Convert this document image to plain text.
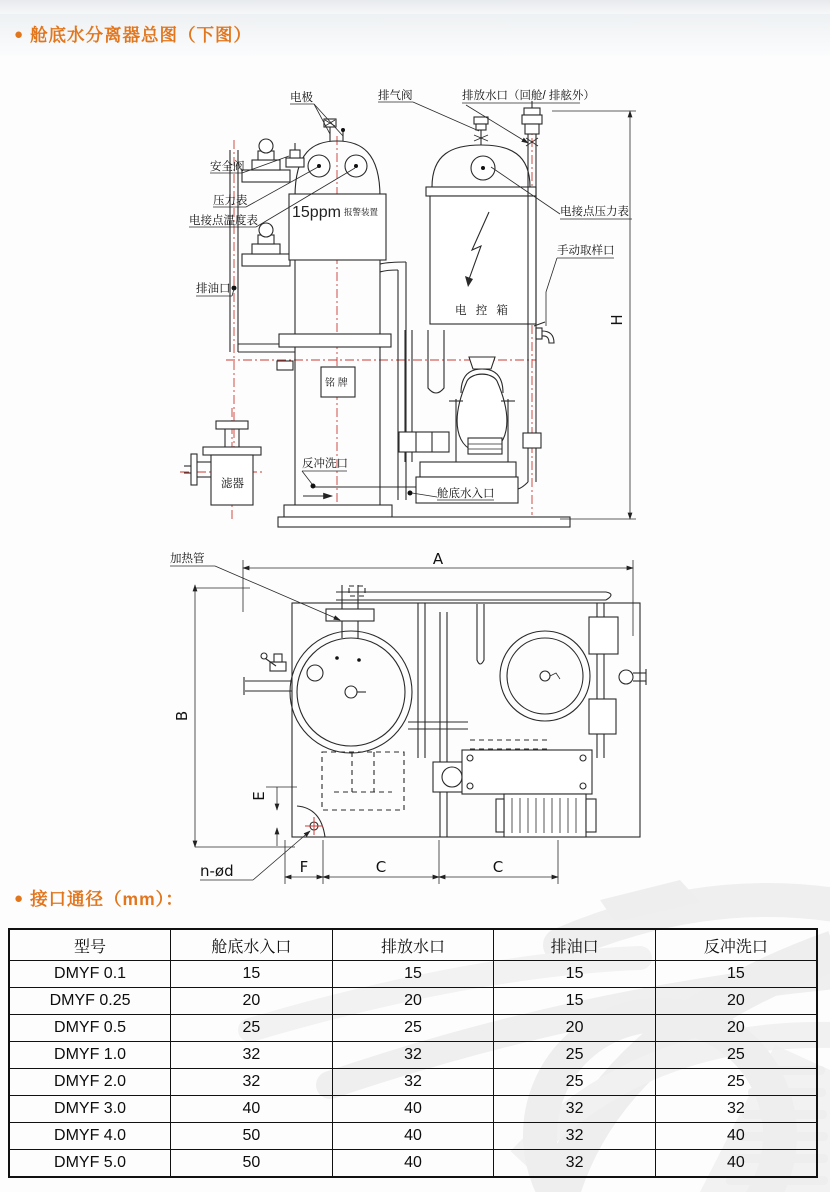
● 舱底水分离器总图（下图）
● 接口通径（mm）：
H
电极	排气阀	排放水口（回舱/ 排舷外）
安全阀
压力表
电接点温度表 15ppm 报警装置	电接点压力表
手动取样口
排油口
电 控 箱
铭 牌
滤器
反冲洗口
舱底水入口
A
B
F	C	C
E
n-ød
加热管
型号	舱底水入口	排放水口	排油口	反冲洗口
DMYF 0.1	15	15	15	15
DMYF 0.25	20	20	15	20
DMYF 0.5	25	25	20	20
DMYF 1.0	32	32	25	25
DMYF 2.0	32	32	25	25
DMYF 3.0	40	40	32	32
DMYF 4.0	50	40	32	40
DMYF 5.0	50	40	32	40
